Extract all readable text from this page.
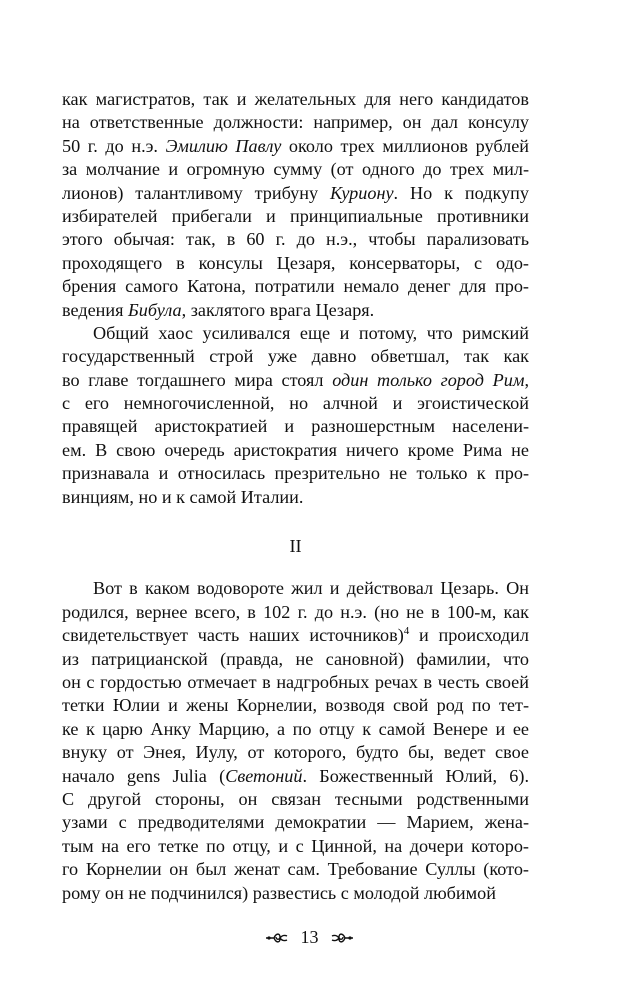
как магистратов, так и желательных для него кандидатов
на ответственные должности: например, он дал консулу
50 г. до н.э. Эмилию Павлу около трех миллионов рублей
за молчание и огромную сумму (от одного до трех мил-
лионов) талантливому трибуну Куриону. Но к подкупу
избирателей прибегали и принципиальные противники
этого обычая: так, в 60 г. до н.э., чтобы парализовать
проходящего в консулы Цезаря, консерваторы, с одо-
брения самого Катона, потратили немало денег для про-
ведения Бибула, заклятого врага Цезаря.
Общий хаос усиливался еще и потому, что римский
государственный строй уже давно обветшал, так как
во главе тогдашнего мира стоял один только город Рим,
с его немногочисленной, но алчной и эгоистической
правящей аристократией и разношерстным населени-
ем. В свою очередь аристократия ничего кроме Рима не
признавала и относилась презрительно не только к про-
винциям, но и к самой Италии.
II
Вот в каком водовороте жил и действовал Цезарь. Он
родился, вернее всего, в 102 г. до н.э. (но не в 100-м, как
свидетельствует часть наших источников)$^4$ и происходил
из патрицианской (правда, не сановной) фамилии, что
он с гордостью отмечает в надгробных речах в честь своей
тетки Юлии и жены Корнелии, возводя свой род по тет-
ке к царю Анку Марцию, а по отцу к самой Венере и ее
внуку от Энея, Иулу, от которого, будто бы, ведет свое
начало gens Julia (Светоний. Божественный Юлий, 6).
С другой стороны, он связан тесными родственными
узами с предводителями демократии — Марием, жена-
тым на его тетке по отцу, и с Цинной, на дочери которо-
го Корнелии он был женат сам. Требование Суллы (кото-
рому он не подчинился) развестись с молодой любимой
13
